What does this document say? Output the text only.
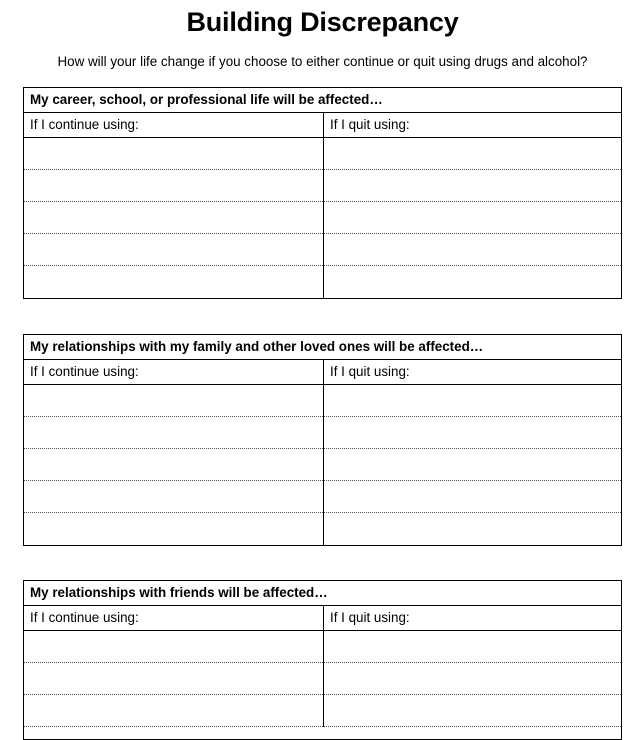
Building Discrepancy
How will your life change if you choose to either continue or quit using drugs and alcohol?
My career, school, or professional life will be affected…
If I continue using:	If I quit using:
My relationships with my family and other loved ones will be affected…
If I continue using:	If I quit using:
My relationships with friends will be affected…
If I continue using:	If I quit using:
